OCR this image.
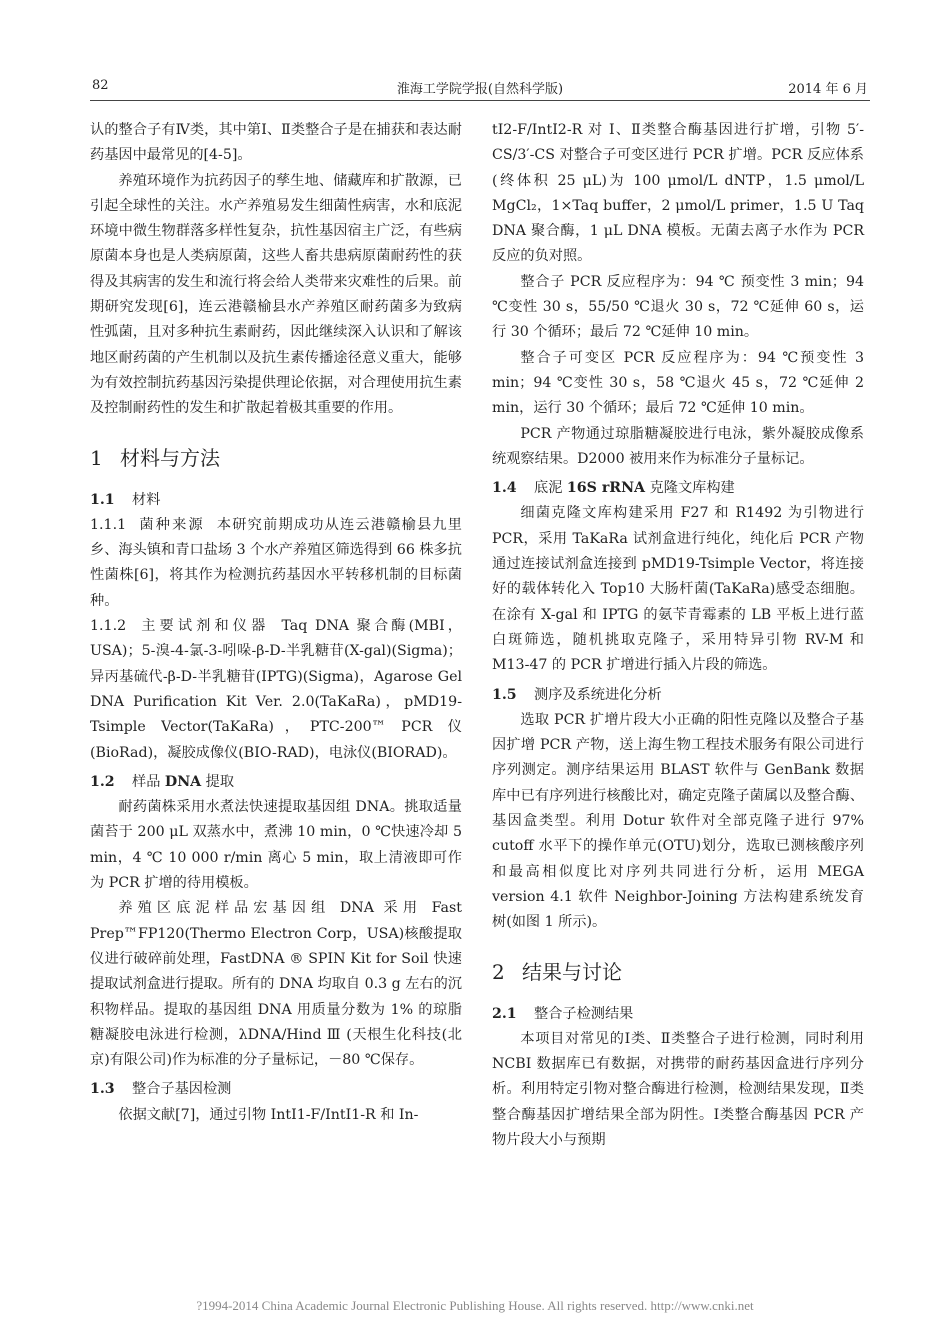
82	淮海工学院学报(自然科学版)	2014 年 6 月

认的整合子有Ⅳ类，其中第Ⅰ、Ⅱ类整合子是在捕获和表达耐药基因中最常见的[4-5]。

养殖环境作为抗药因子的孳生地、储藏库和扩散源，已引起全球性的关注。水产养殖易发生细菌性病害，水和底泥环境中微生物群落多样性复杂，抗性基因宿主广泛，有些病原菌本身也是人类病原菌，这些人畜共患病原菌耐药性的获得及其病害的发生和流行将会给人类带来灾难性的后果。前期研究发现[6]，连云港赣榆县水产养殖区耐药菌多为致病性弧菌，且对多种抗生素耐药，因此继续深入认识和了解该地区耐药菌的产生机制以及抗生素传播途径意义重大，能够为有效控制抗药基因污染提供理论依据，对合理使用抗生素及控制耐药性的发生和扩散起着极其重要的作用。

1 材料与方法
1.1 材料

1.1.1 菌种来源 本研究前期成功从连云港赣榆县九里乡、海头镇和青口盐场 3 个水产养殖区筛选得到 66 株多抗性菌株[6]，将其作为检测抗药基因水平转移机制的目标菌种。

1.1.2 主要试剂和仪器 Taq DNA 聚合酶(MBI，USA)；5-溴-4-氯-3-吲哚-β-D-半乳糖苷(X-gal)(Sigma)；异丙基硫代-β-D-半乳糖苷(IPTG)(Sigma)，Agarose Gel DNA Purification Kit Ver. 2.0(TaKaRa)，pMD19-Tsimple Vector(TaKaRa)，PTC-200™ PCR 仪(BioRad)，凝胶成像仪(BIO-RAD)，电泳仪(BIORAD)。

1.2 样品 DNA 提取

耐药菌株采用水煮法快速提取基因组 DNA。挑取适量菌苔于 200 μL 双蒸水中，煮沸 10 min，0 ℃快速冷却 5 min，4 ℃ 10 000 r/min 离心 5 min，取上清液即可作为 PCR 扩增的待用模板。

养殖区底泥样品宏基因组 DNA 采用 Fast Prep™FP120(Thermo Electron Corp，USA)核酸提取仪进行破碎前处理，FastDNA ® SPIN Kit for Soil 快速提取试剂盒进行提取。所有的 DNA 均取自 0.3 g 左右的沉积物样品。提取的基因组 DNA 用质量分数为 1% 的琼脂糖凝胶电泳进行检测，λDNA/Hind Ⅲ (天根生化科技(北京)有限公司)作为标准的分子量标记，－80 ℃保存。

1.3 整合子基因检测

依据文献[7]，通过引物 IntI1-F/IntI1-R 和 In-

tI2-F/IntI2-R 对 Ⅰ、Ⅱ类整合酶基因进行扩增，引物 5′-CS/3′-CS 对整合子可变区进行 PCR 扩增。PCR 反应体系(终体积 25 μL)为 100 μmol/L dNTP，1.5 μmol/L MgCl₂，1×Taq buffer，2 μmol/L primer，1.5 U Taq DNA 聚合酶，1 μL DNA 模板。无菌去离子水作为 PCR 反应的负对照。

整合子 PCR 反应程序为：94 ℃ 预变性 3 min；94 ℃变性 30 s，55/50 ℃退火 30 s，72 ℃延伸 60 s，运行 30 个循环；最后 72 ℃延伸 10 min。

整合子可变区 PCR 反应程序为：94 ℃预变性 3 min；94 ℃变性 30 s，58 ℃退火 45 s，72 ℃延伸 2 min，运行 30 个循环；最后 72 ℃延伸 10 min。

PCR 产物通过琼脂糖凝胶进行电泳，紫外凝胶成像系统观察结果。D2000 被用来作为标准分子量标记。

1.4 底泥 16S rRNA 克隆文库构建

细菌克隆文库构建采用 F27 和 R1492 为引物进行 PCR，采用 TaKaRa 试剂盒进行纯化，纯化后 PCR 产物通过连接试剂盒连接到 pMD19-Tsimple Vector，将连接好的载体转化入 Top10 大肠杆菌(TaKaRa)感受态细胞。在涂有 X-gal 和 IPTG 的氨苄青霉素的 LB 平板上进行蓝白斑筛选，随机挑取克隆子，采用特异引物 RV-M 和 M13-47 的 PCR 扩增进行插入片段的筛选。

1.5 测序及系统进化分析

选取 PCR 扩增片段大小正确的阳性克隆以及整合子基因扩增 PCR 产物，送上海生物工程技术服务有限公司进行序列测定。测序结果运用 BLAST 软件与 GenBank 数据库中已有序列进行核酸比对，确定克隆子菌属以及整合酶、基因盒类型。利用 Dotur 软件对全部克隆子进行 97% cutoff 水平下的操作单元(OTU)划分，选取已测核酸序列和最高相似度比对序列共同进行分析，运用 MEGA version 4.1 软件 Neighbor-Joining 方法构建系统发育树(如图 1 所示)。

2 结果与讨论
2.1 整合子检测结果

本项目对常见的Ⅰ类、Ⅱ类整合子进行检测，同时利用 NCBI 数据库已有数据，对携带的耐药基因盒进行序列分析。利用特定引物对整合酶进行检测，检测结果发现，Ⅱ类整合酶基因扩增结果全部为阴性。Ⅰ类整合酶基因 PCR 产物片段大小与预期

?1994-2014 China Academic Journal Electronic Publishing House. All rights reserved. http://www.cnki.net
